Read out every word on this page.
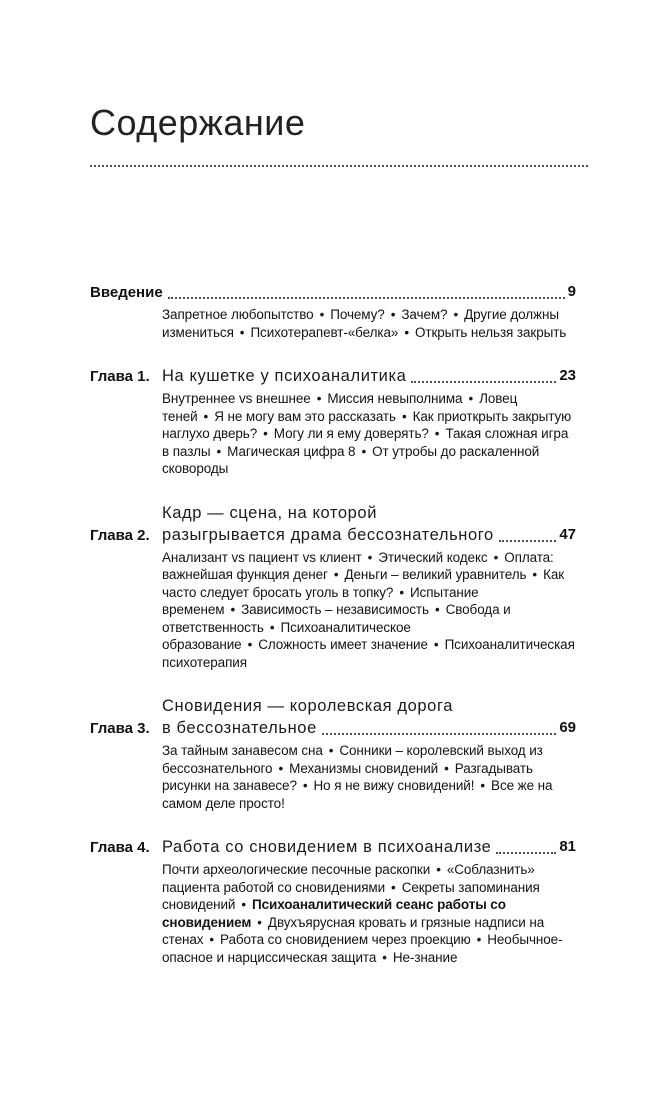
Содержание
Введение	9
Запретное любопытство • Почему? • Зачем? • Другие должны измениться • Психотерапевт-«белка» • Открыть нельзя закрыть
Глава 1. На кушетке у психоаналитика	23
Внутреннее vs внешнее • Миссия невыполнима • Ловец теней • Я не могу вам это рассказать • Как приоткрыть закрытую наглухо дверь? • Могу ли я ему доверять? • Такая сложная игра в пазлы • Магическая цифра 8 • От утробы до раскаленной сковороды
Глава 2.
Кадр — сцена, на которой
разыгрывается драма бессознательного	47
Анализант vs пациент vs клиент • Этический кодекс • Оплата: важнейшая функция денег • Деньги – великий уравнитель • Как часто следует бросать уголь в топку? • Испытание временем • Зависимость – независимость • Свобода и ответственность • Психоаналитическое образование • Сложность имеет значение • Психоаналитическая психотерапия
Глава 3.
Сновидения — королевская дорога
в бессознательное	69
За тайным занавесом сна • Сонники – королевский выход из бессознательного • Механизмы сновидений • Разгадывать рисунки на занавесе? • Но я не вижу сновидений! • Все же на самом деле просто!
Глава 4. Работа со сновидением в психоанализе	81
Почти археологические песочные раскопки • «Соблазнить» пациента работой со сновидениями • Секреты запоминания сновидений • Психоаналитический сеанс работы со сновидением • Двухъярусная кровать и грязные надписи на стенах • Работа со сновидением через проекцию • Необычное-опасное и нарциссическая защита • Не-знание
